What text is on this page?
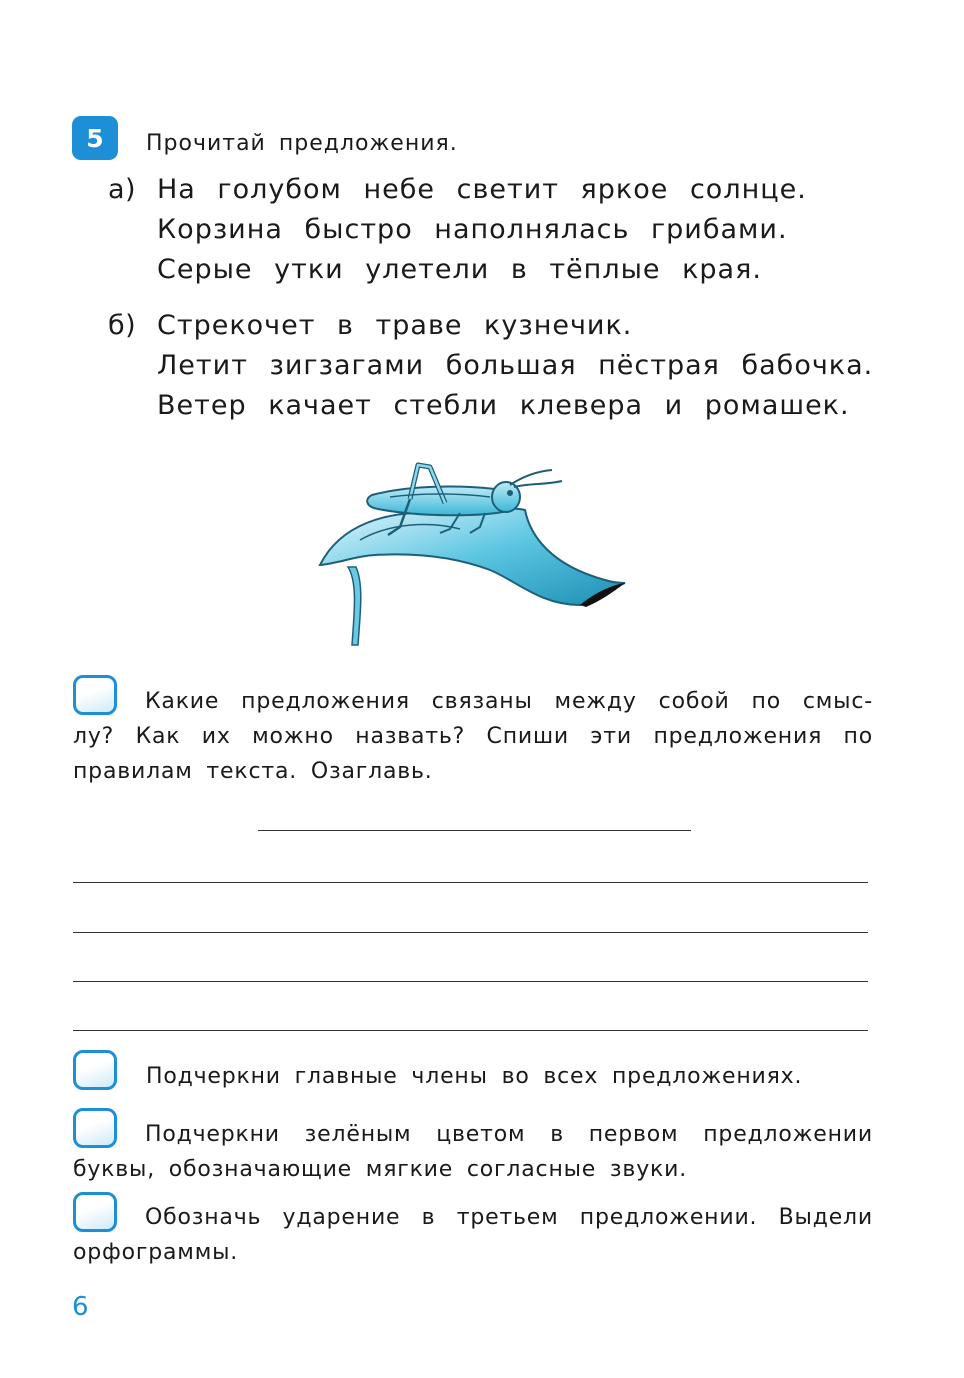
5	Прочитай предложения.
а) На голубом небе светит яркое солнце.
Корзина быстро наполнялась грибами.
Серые утки улетели в тёплые края.
б) Стрекочет в траве кузнечик.
Летит зигзагами большая пёстрая бабочка.
Ветер качает стебли клевера и ромашек.
Какие предложения связаны между собой по смыс-
лу? Как их можно назвать? Спиши эти предложения по
правилам текста. Озаглавь.
Подчеркни главные члены во всех предложениях.
Подчеркни зелёным цветом в первом предложении
буквы, обозначающие мягкие согласные звуки.
Обозначь ударение в третьем предложении. Выдели
орфограммы.
6
